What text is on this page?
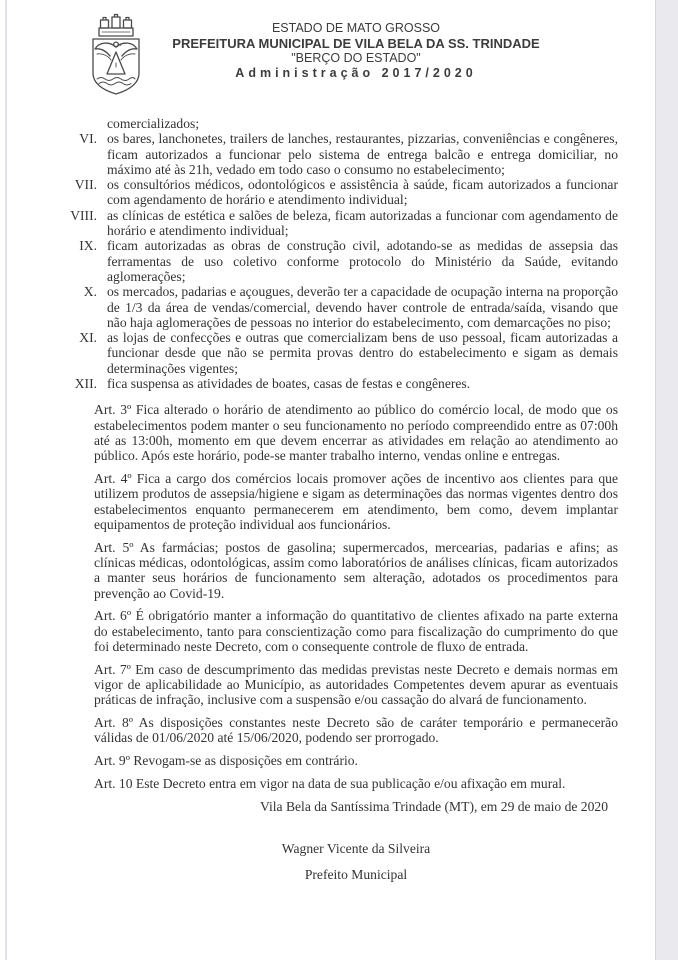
ESTADO DE MATO GROSSO
PREFEITURA MUNICIPAL DE VILA BELA DA SS. TRINDADE
"BERÇO DO ESTADO"
Administração 2017/2020
comercializados;
VI. os bares, lanchonetes, trailers de lanches, restaurantes, pizzarias, conveniências e congêneres, ficam autorizados a funcionar pelo sistema de entrega balcão e entrega domiciliar, no máximo até às 21h, vedado em todo caso o consumo no estabelecimento;
VII. os consultórios médicos, odontológicos e assistência à saúde, ficam autorizados a funcionar com agendamento de horário e atendimento individual;
VIII. as clínicas de estética e salões de beleza, ficam autorizadas a funcionar com agendamento de horário e atendimento individual;
IX. ficam autorizadas as obras de construção civil, adotando-se as medidas de assepsia das ferramentas de uso coletivo conforme protocolo do Ministério da Saúde, evitando aglomerações;
X. os mercados, padarias e açougues, deverão ter a capacidade de ocupação interna na proporção de 1/3 da área de vendas/comercial, devendo haver controle de entrada/saída, visando que não haja aglomerações de pessoas no interior do estabelecimento, com demarcações no piso;
XI. as lojas de confecções e outras que comercializam bens de uso pessoal, ficam autorizadas a funcionar desde que não se permita provas dentro do estabelecimento e sigam as demais determinações vigentes;
XII. fica suspensa as atividades de boates, casas de festas e congêneres.

Art. 3º Fica alterado o horário de atendimento ao público do comércio local, de modo que os estabelecimentos podem manter o seu funcionamento no período compreendido entre as 07:00h até as 13:00h, momento em que devem encerrar as atividades em relação ao atendimento ao público. Após este horário, pode-se manter trabalho interno, vendas online e entregas.

Art. 4º Fica a cargo dos comércios locais promover ações de incentivo aos clientes para que utilizem produtos de assepsia/higiene e sigam as determinações das normas vigentes dentro dos estabelecimentos enquanto permanecerem em atendimento, bem como, devem implantar equipamentos de proteção individual aos funcionários.

Art. 5º As farmácias; postos de gasolina; supermercados, mercearias, padarias e afins; as clínicas médicas, odontológicas, assim como laboratórios de análises clínicas, ficam autorizados a manter seus horários de funcionamento sem alteração, adotados os procedimentos para prevenção ao Covid-19.

Art. 6º É obrigatório manter a informação do quantitativo de clientes afixado na parte externa do estabelecimento, tanto para conscientização como para fiscalização do cumprimento do que foi determinado neste Decreto, com o consequente controle de fluxo de entrada.

Art. 7º Em caso de descumprimento das medidas previstas neste Decreto e demais normas em vigor de aplicabilidade ao Município, as autoridades Competentes devem apurar as eventuais práticas de infração, inclusive com a suspensão e/ou cassação do alvará de funcionamento.

Art. 8º As disposições constantes neste Decreto são de caráter temporário e permanecerão válidas de 01/06/2020 até 15/06/2020, podendo ser prorrogado.

Art. 9º Revogam-se as disposições em contrário.

Art. 10 Este Decreto entra em vigor na data de sua publicação e/ou afixação em mural.

Vila Bela da Santíssima Trindade (MT), em 29 de maio de 2020
Wagner Vicente da Silveira
Prefeito Municipal
